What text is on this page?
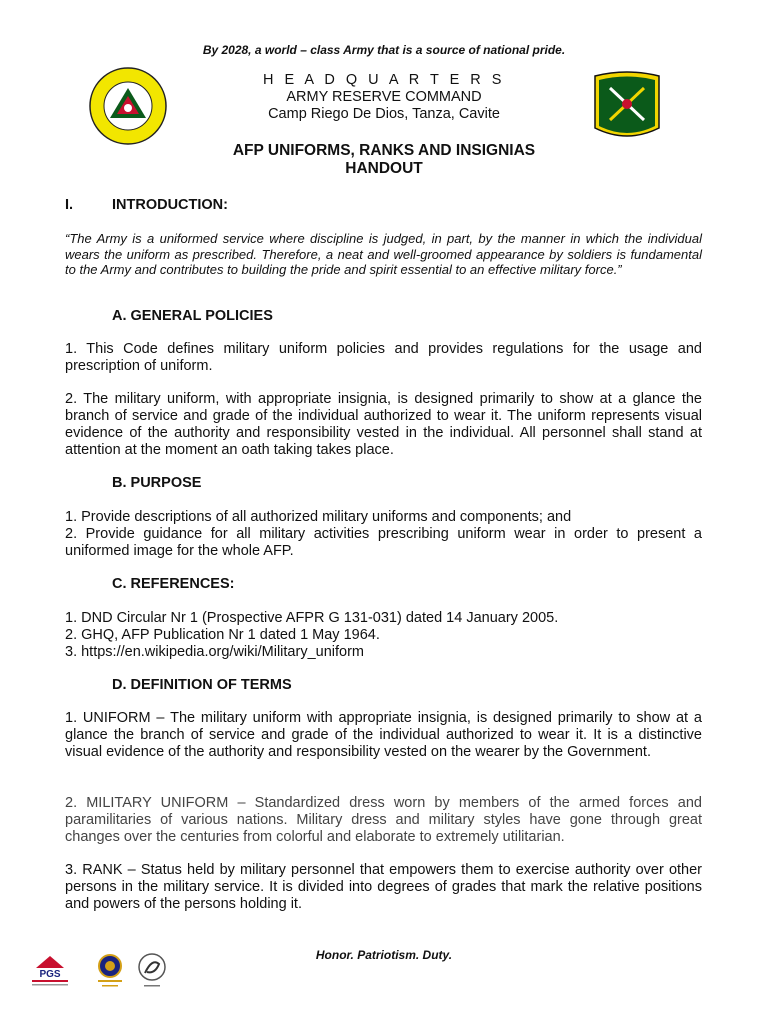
By 2028, a world – class Army that is a source of national pride.
H E A D Q U A R T E R S
ARMY RESERVE COMMAND
Camp Riego De Dios, Tanza, Cavite
AFP UNIFORMS, RANKS AND INSIGNIAS
HANDOUT
I.	INTRODUCTION:
“The Army is a uniformed service where discipline is judged, in part, by the manner in which the individual wears the uniform as prescribed. Therefore, a neat and well-groomed appearance by soldiers is fundamental to the Army and contributes to building the pride and spirit essential to an effective military force.”
A. GENERAL POLICIES
1. This Code defines military uniform policies and provides regulations for the usage and prescription of uniform.
2. The military uniform, with appropriate insignia, is designed primarily to show at a glance the branch of service and grade of the individual authorized to wear it. The uniform represents visual evidence of the authority and responsibility vested in the individual. All personnel shall stand at attention at the moment an oath taking takes place.
B. PURPOSE
1. Provide descriptions of all authorized military uniforms and components; and
2. Provide guidance for all military activities prescribing uniform wear in order to present a uniformed image for the whole AFP.
C. REFERENCES:
1. DND Circular Nr 1 (Prospective AFPR G 131-031) dated 14 January 2005.
2. GHQ, AFP Publication Nr 1 dated 1 May 1964.
3. https://en.wikipedia.org/wiki/Military_uniform
D. DEFINITION OF TERMS
1. UNIFORM – The military uniform with appropriate insignia, is designed primarily to show at a glance the branch of service and grade of the individual authorized to wear it. It is a distinctive visual evidence of the authority and responsibility vested on the wearer by the Government.
2. MILITARY UNIFORM – Standardized dress worn by members of the armed forces and paramilitaries of various nations. Military dress and military styles have gone through great changes over the centuries from colorful and elaborate to extremely utilitarian.
3. RANK – Status held by military personnel that empowers them to exercise authority over other persons in the military service. It is divided into degrees of grades that mark the relative positions and powers of the persons holding it.
Honor. Patriotism. Duty.
PGS
